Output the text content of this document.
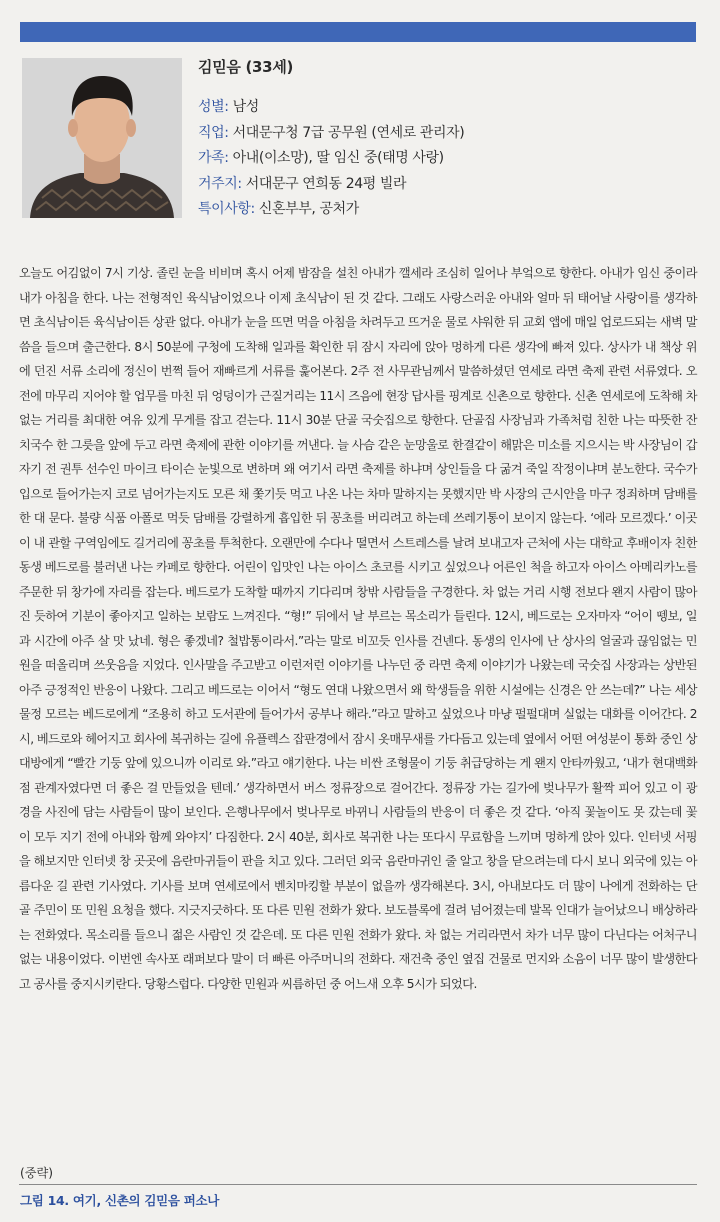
김믿음 (33세)
성별: 남성
직업: 서대문구청 7급 공무원 (연세로 관리자)
가족: 아내(이소망), 딸 임신 중(태명 사랑)
거주지: 서대문구 연희동 24평 빌라
특이사항: 신혼부부, 공처가

오늘도 어김없이 7시 기상. 졸린 눈을 비비며 혹시 어제 밤잠을 설친 아내가 깰세라 조심히 일어나 부엌으로 향한다. 아내가 임신 중이라 내가 아침을 한다. 나는 전형적인 육식남이었으나 이제 초식남이 된 것 같다. 그래도 사랑스러운 아내와 얼마 뒤 태어날 사랑이를 생각하면 초식남이든 육식남이든 상관 없다. 아내가 눈을 뜨면 먹을 아침을 차려두고 뜨거운 물로 샤워한 뒤 교회 앱에 매일 업로드되는 새벽 말씀을 들으며 출근한다. 8시 50분에 구청에 도착해 일과를 확인한 뒤 잠시 자리에 앉아 멍하게 다른 생각에 빠져 있다. 상사가 내 책상 위에 던진 서류 소리에 정신이 번쩍 들어 재빠르게 서류를 훑어본다. 2주 전 사무관님께서 말씀하셨던 연세로 라면 축제 관련 서류였다. 오전에 마무리 지어야 할 업무를 마친 뒤 엉덩이가 근질거리는 11시 즈음에 현장 답사를 핑계로 신촌으로 향한다. 신촌 연세로에 도착해 차 없는 거리를 최대한 여유 있게 무게를 잡고 걷는다. 11시 30분 단골 국숫집으로 향한다. 단골집 사장님과 가족처럼 친한 나는 따뜻한 잔치국수 한 그릇을 앞에 두고 라면 축제에 관한 이야기를 꺼낸다. 늘 사슴 같은 눈망울로 한결같이 해맑은 미소를 지으시는 박 사장님이 갑자기 전 권투 선수인 마이크 타이슨 눈빛으로 변하며 왜 여기서 라면 축제를 하냐며 상인들을 다 굶겨 죽일 작정이냐며 분노한다. 국수가 입으로 들어가는지 코로 넘어가는지도 모른 채 쫓기듯 먹고 나온 나는 차마 말하지는 못했지만 박 사장의 근시안을 마구 정죄하며 담배를 한 대 문다. 불량 식품 아폴로 먹듯 담배를 강렬하게 흡입한 뒤 꽁초를 버리려고 하는데 쓰레기통이 보이지 않는다. ‘에라 모르겠다.’ 이곳이 내 관할 구역임에도 길거리에 꽁초를 투척한다. 오랜만에 수다나 떨면서 스트레스를 날려 보내고자 근처에 사는 대학교 후배이자 친한 동생 베드로를 불러낸 나는 카페로 향한다. 어린이 입맛인 나는 아이스 초코를 시키고 싶었으나 어른인 척을 하고자 아이스 아메리카노를 주문한 뒤 창가에 자리를 잡는다. 베드로가 도착할 때까지 기다리며 창밖 사람들을 구경한다. 차 없는 거리 시행 전보다 왠지 사람이 많아진 듯하여 기분이 좋아지고 일하는 보람도 느껴진다. “형!” 뒤에서 날 부르는 목소리가 들린다. 12시, 베드로는 오자마자 “어이 뗑보, 일과 시간에 아주 살 맛 났네. 형은 좋겠네? 철밥통이라서.”라는 말로 비꼬듯 인사를 건넨다. 동생의 인사에 난 상사의 얼굴과 끊임없는 민원을 떠올리며 쓰웃음을 지었다. 인사말을 주고받고 이런저런 이야기를 나누던 중 라면 축제 이야기가 나왔는데 국숫집 사장과는 상반된 아주 긍정적인 반응이 나왔다. 그리고 베드로는 이어서 “형도 연대 나왔으면서 왜 학생들을 위한 시설에는 신경은 안 쓰는데?” 나는 세상 물정 모르는 베드로에게 “조용히 하고 도서관에 들어가서 공부나 해라.”라고 말하고 싶었으나 마냥 펄펄대며 실없는 대화를 이어간다. 2시, 베드로와 헤어지고 회사에 복귀하는 길에 유플렉스 잡판경에서 잠시 옷매무새를 가다듬고 있는데 옆에서 어떤 여성분이 통화 중인 상대방에게 “빨간 기둥 앞에 있으니까 이리로 와.”라고 얘기한다. 나는 비싼 조형물이 기둥 취급당하는 게 왠지 안타까웠고, ‘내가 현대백화점 관계자였다면 더 좋은 걸 만들었을 텐데.’ 생각하면서 버스 정류장으로 걸어간다. 정류장 가는 길가에 벚나무가 활짝 피어 있고 이 광경을 사진에 담는 사람들이 많이 보인다. 은행나무에서 벚나무로 바뀌니 사람들의 반응이 더 좋은 것 같다. ‘아직 꽃놀이도 못 갔는데 꽃이 모두 지기 전에 아내와 함께 와야지’ 다짐한다. 2시 40분, 회사로 복귀한 나는 또다시 무료함을 느끼며 멍하게 앉아 있다. 인터넷 서핑을 해보지만 인터넷 창 곳곳에 음란마귀들이 판을 치고 있다. 그러던 외국 음란마귀인 줄 알고 창을 닫으려는데 다시 보니 외국에 있는 아름다운 길 관련 기사였다. 기사를 보며 연세로에서 벤치마킹할 부분이 없을까 생각해본다. 3시, 아내보다도 더 많이 나에게 전화하는 단골 주민이 또 민원 요청을 했다. 지긋지긋하다. 또 다른 민원 전화가 왔다. 보도블록에 걸려 넘어졌는데 발목 인대가 늘어났으니 배상하라는 전화였다. 목소리를 들으니 젊은 사람인 것 같은데. 또 다른 민원 전화가 왔다. 차 없는 거리라면서 차가 너무 많이 다닌다는 어처구니없는 내용이었다. 이번엔 속사포 래퍼보다 말이 더 빠른 아주머니의 전화다. 재건축 중인 옆집 건물로 먼지와 소음이 너무 많이 발생한다고 공사를 중지시키란다. 당황스럽다. 다양한 민원과 씨름하던 중 어느새 오후 5시가 되었다.

(중략)
그림 14. 여기, 신촌의 김믿음 퍼소나
